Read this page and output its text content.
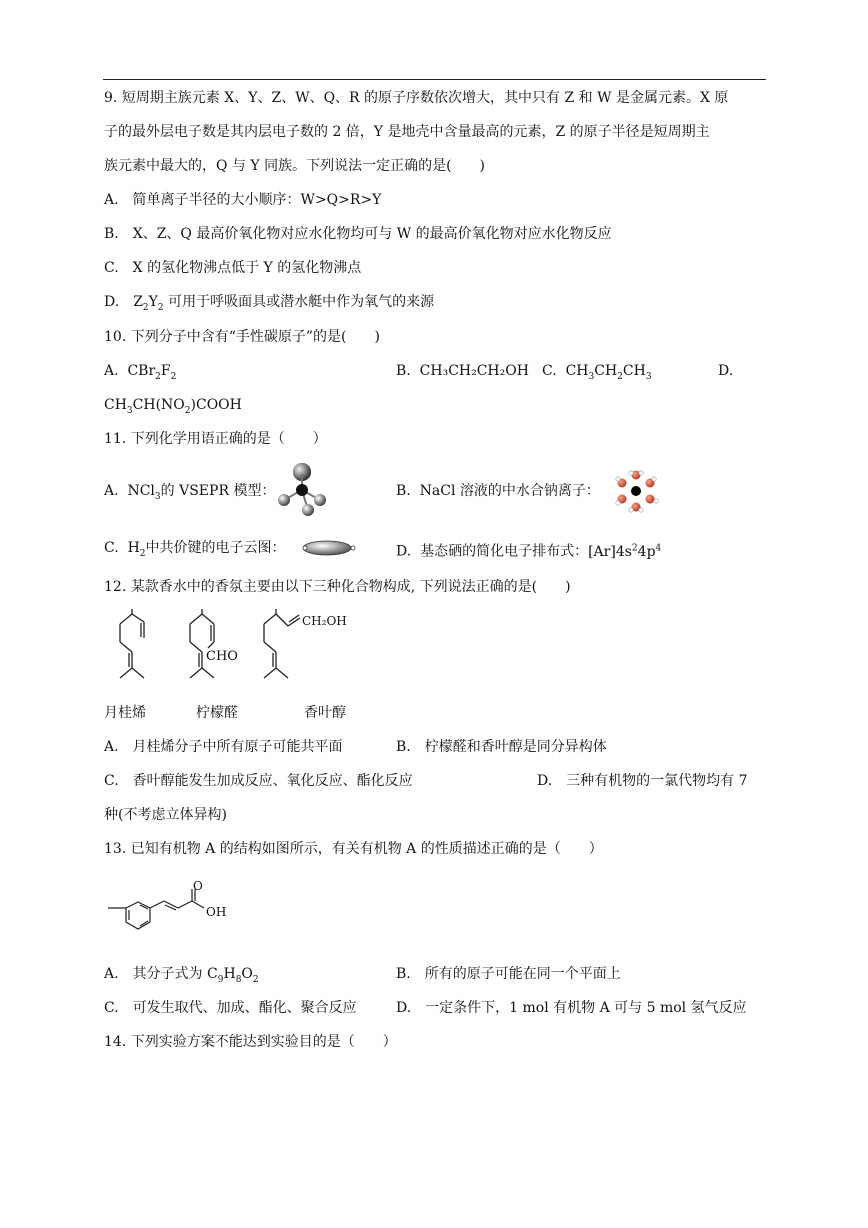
9. 短周期主族元素 X、Y、Z、W、Q、R 的原子序数依次增大，其中只有 Z 和 W 是金属元素。X 原
子的最外层电子数是其内层电子数的 2 倍，Y 是地壳中含量最高的元素，Z 的原子半径是短周期主
族元素中最大的，Q 与 Y 同族。下列说法一定正确的是(　　)
A.　简单离子半径的大小顺序：W>Q>R>Y
B.　X、Z、Q 最高价氧化物对应水化物均可与 W 的最高价氧化物对应水化物反应
C.　X 的氢化物沸点低于 Y 的氢化物沸点
D.　$Z_2Y_2$ 可用于呼吸面具或潜水艇中作为氧气的来源
10. 下列分子中含有“手性碳原子”的是(　　)
A. $CBr_2F_2$	B. CH₃CH₂CH₂OH C. $CH_3CH_2CH_3$	D.
$CH_3CH(NO_2)COOH$
11. 下列化学用语正确的是（　　）
A. NCl$_3$的 VSEPR 模型：	B. NaCl 溶液的中水合钠离子：
C. $H_2$中共价键的电子云图：	D. 基态硒的简化电子排布式：$[Ar]4s^24p^4$
12. 某款香水中的香氛主要由以下三种化合物构成, 下列说法正确的是(　　)
CHO
CH₂OH
月桂烯	柠檬醛	香叶醇
A.　月桂烯分子中所有原子可能共平面	B.　柠檬醛和香叶醇是同分异构体
C.　香叶醇能发生加成反应、氧化反应、酯化反应	D.　三种有机物的一氯代物均有 7
种(不考虑立体异构)
13. 已知有机物 A 的结构如图所示，有关有机物 A 的性质描述正确的是（　　）
O
OH
A.　其分子式为 $C_9H_8O_2$	B.　所有的原子可能在同一个平面上
C.　可发生取代、加成、酯化、聚合反应	D.　一定条件下，1 mol 有机物 A 可与 5 mol 氢气反应
14. 下列实验方案不能达到实验目的是（　　）
